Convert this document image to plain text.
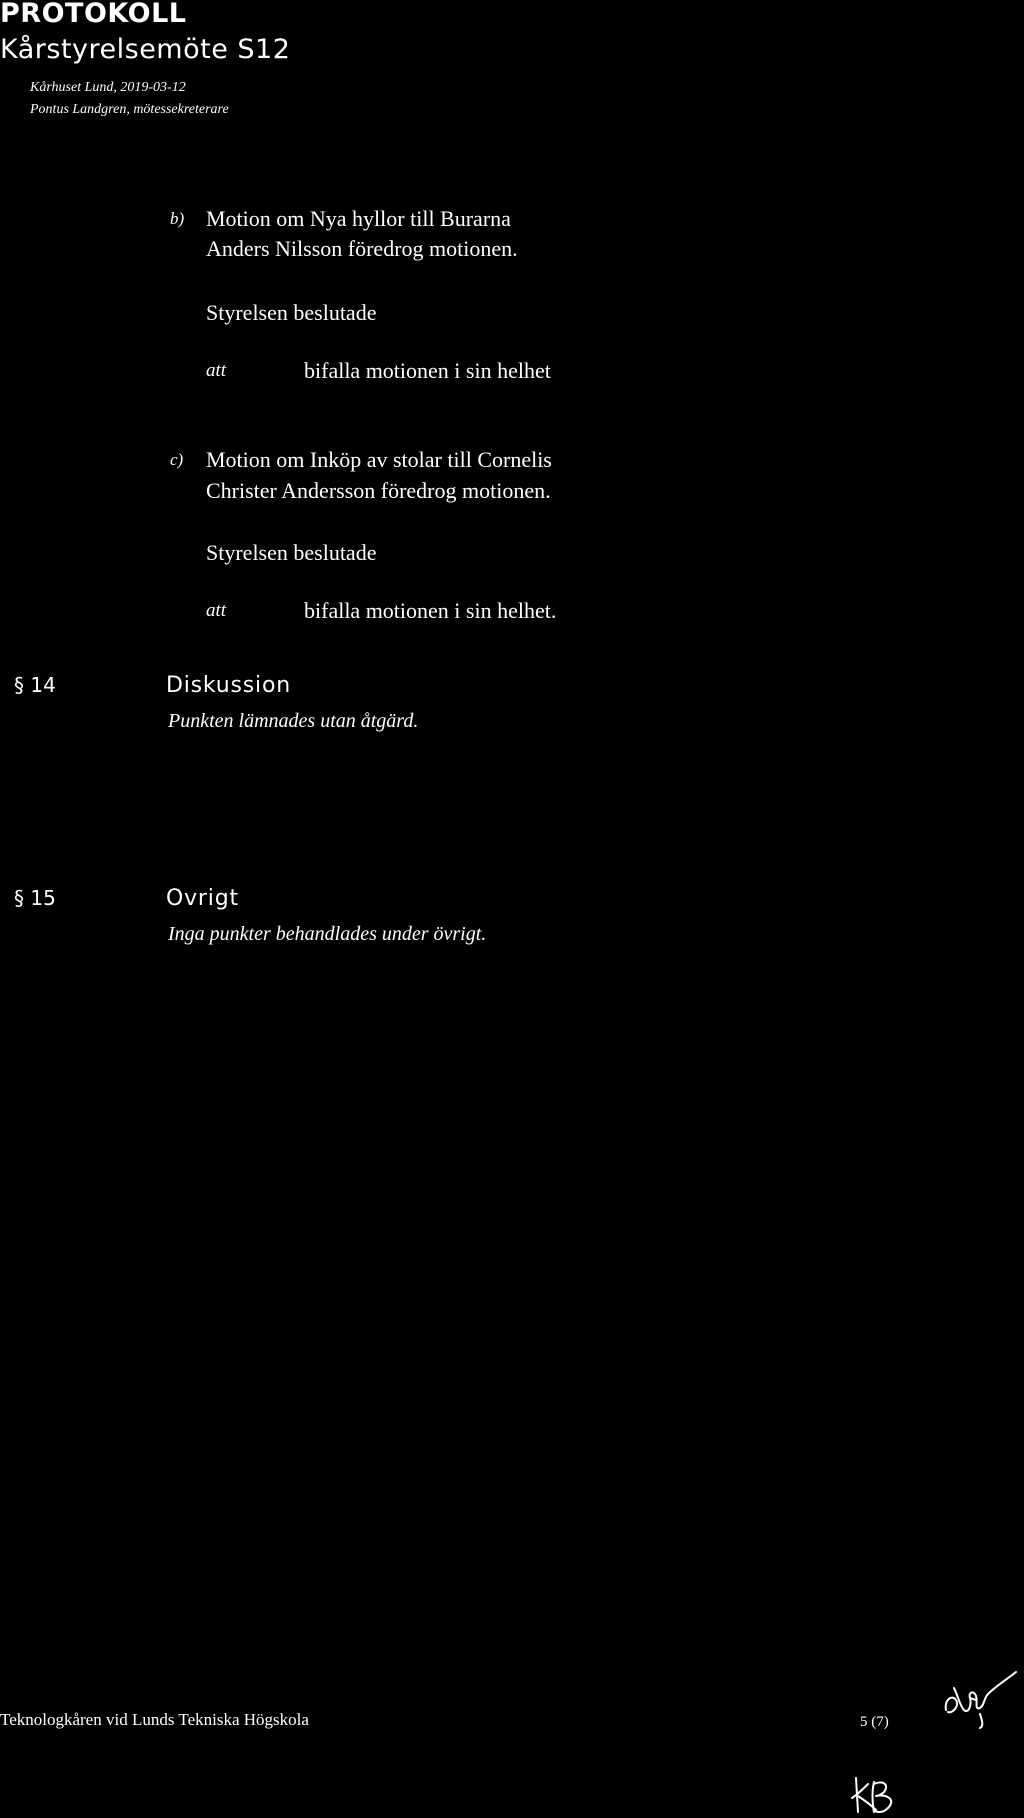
PROTOKOLL
Kårstyrelsemöte S12
Kårhuset Lund, 2019-03-12
Pontus Landgren, mötessekreterare
b) Motion om Nya hyllor till Burarna
Anders Nilsson föredrog motionen.
Styrelsen beslutade
att	bifalla motionen i sin helhet
c) Motion om Inköp av stolar till Cornelis
Christer Andersson föredrog motionen.
Styrelsen beslutade
att	bifalla motionen i sin helhet.
§ 14	Diskussion
Punkten lämnades utan åtgärd.
§ 15	Ovrigt
Inga punkter behandlades under övrigt.
Teknologkåren vid Lunds Tekniska Högskola	5 (7)
